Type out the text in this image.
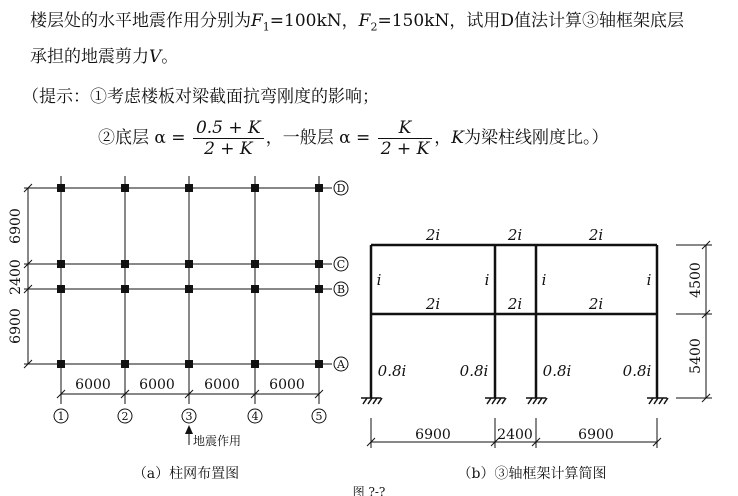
楼层处的水平地震作用分别为$F_1=100kN$，$F_2=150kN$，试用D值法计算③轴框架底层
承担的地震剪力V。
（提示：①考虑楼板对梁截面抗弯刚度的影响；
②底层 $\alpha = \frac{0.5 + K}{2 + K}$ ，一般层 $\alpha = \frac{K}{2 + K}$ ，K为梁柱线刚度比。）
D
C
B
A
1	2	3	4	5
6900
2400
6900
6000 6000 6000 6000
地震作用
（a）柱网布置图
2i	2i	2i
2i	2i	2i
i	i	i	i
0.8i	0.8i	0.8i	0.8i
4500
5400
6900	2400	6900
（b）③轴框架计算简图
图 ?-?
